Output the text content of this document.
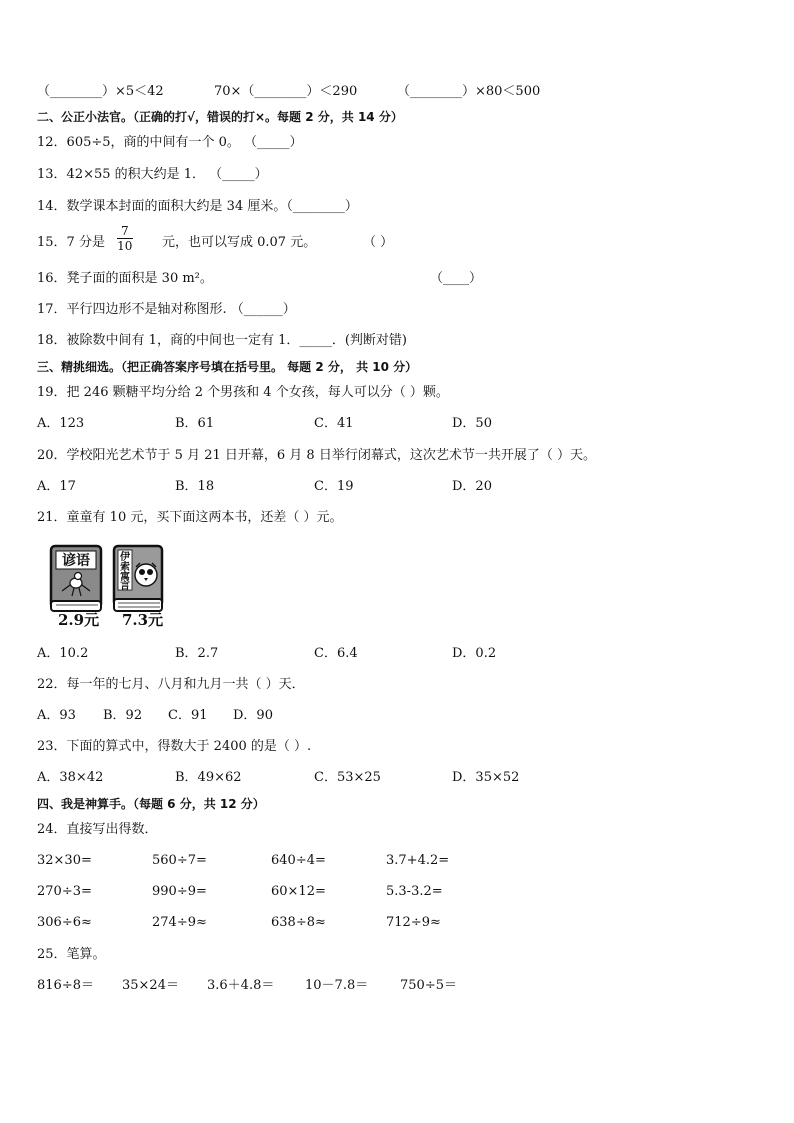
（________）×5＜42	70×（________）＜290	（________）×80＜500
二、公正小法官。（正确的打√，错误的打×。每题 2 分，共 14 分）
12．605÷5，商的中间有一个 0。 （_____）
13．42×55 的积大约是 1． （_____）
14．数学课本封面的面积大约是 34 厘米。（________）
15．7 分是 $\frac{7}{10}$ 元，也可以写成 0.07 元。	（ ）
16．凳子面的面积是 30 m²。	（____）
17．平行四边形不是轴对称图形. （______）
18．被除数中间有 1，商的中间也一定有 1．_____．(判断对错)
三、精挑细选。（把正确答案序号填在括号里。 每题 2 分， 共 10 分）
19．把 246 颗糖平均分给 2 个男孩和 4 个女孩，每人可以分（ ）颗。
A．123	B．61	C．41	D．50
20．学校阳光艺术节于 5 月 21 日开幕，6 月 8 日举行闭幕式，这次艺术节一共开展了（ ）天。
A．17	B．18	C．19	D．20
21．童童有 10 元，买下面这两本书，还差（ ）元。
谚语	伊
索
寓
言
2.9元 7.3元
A．10.2	B．2.7	C．6.4	D．0.2
22．每一年的七月、八月和九月一共（ ）天．
A．93 B．92 C．91 D．90
23．下面的算式中，得数大于 2400 的是（ ）.
A．38×42	B．49×62	C．53×25	D．35×52
四、我是神算手。（每题 6 分，共 12 分）
24．直接写出得数．
32×30=	560÷7=	640÷4=	3.7+4.2=
270÷3=	990÷9=	60×12=	5.3-3.2=
306÷6≈	274÷9≈	638÷8≈	712÷9≈
25．笔算。
816÷8＝ 35×24＝ 3.6＋4.8＝ 10－7.8＝ 750÷5＝
